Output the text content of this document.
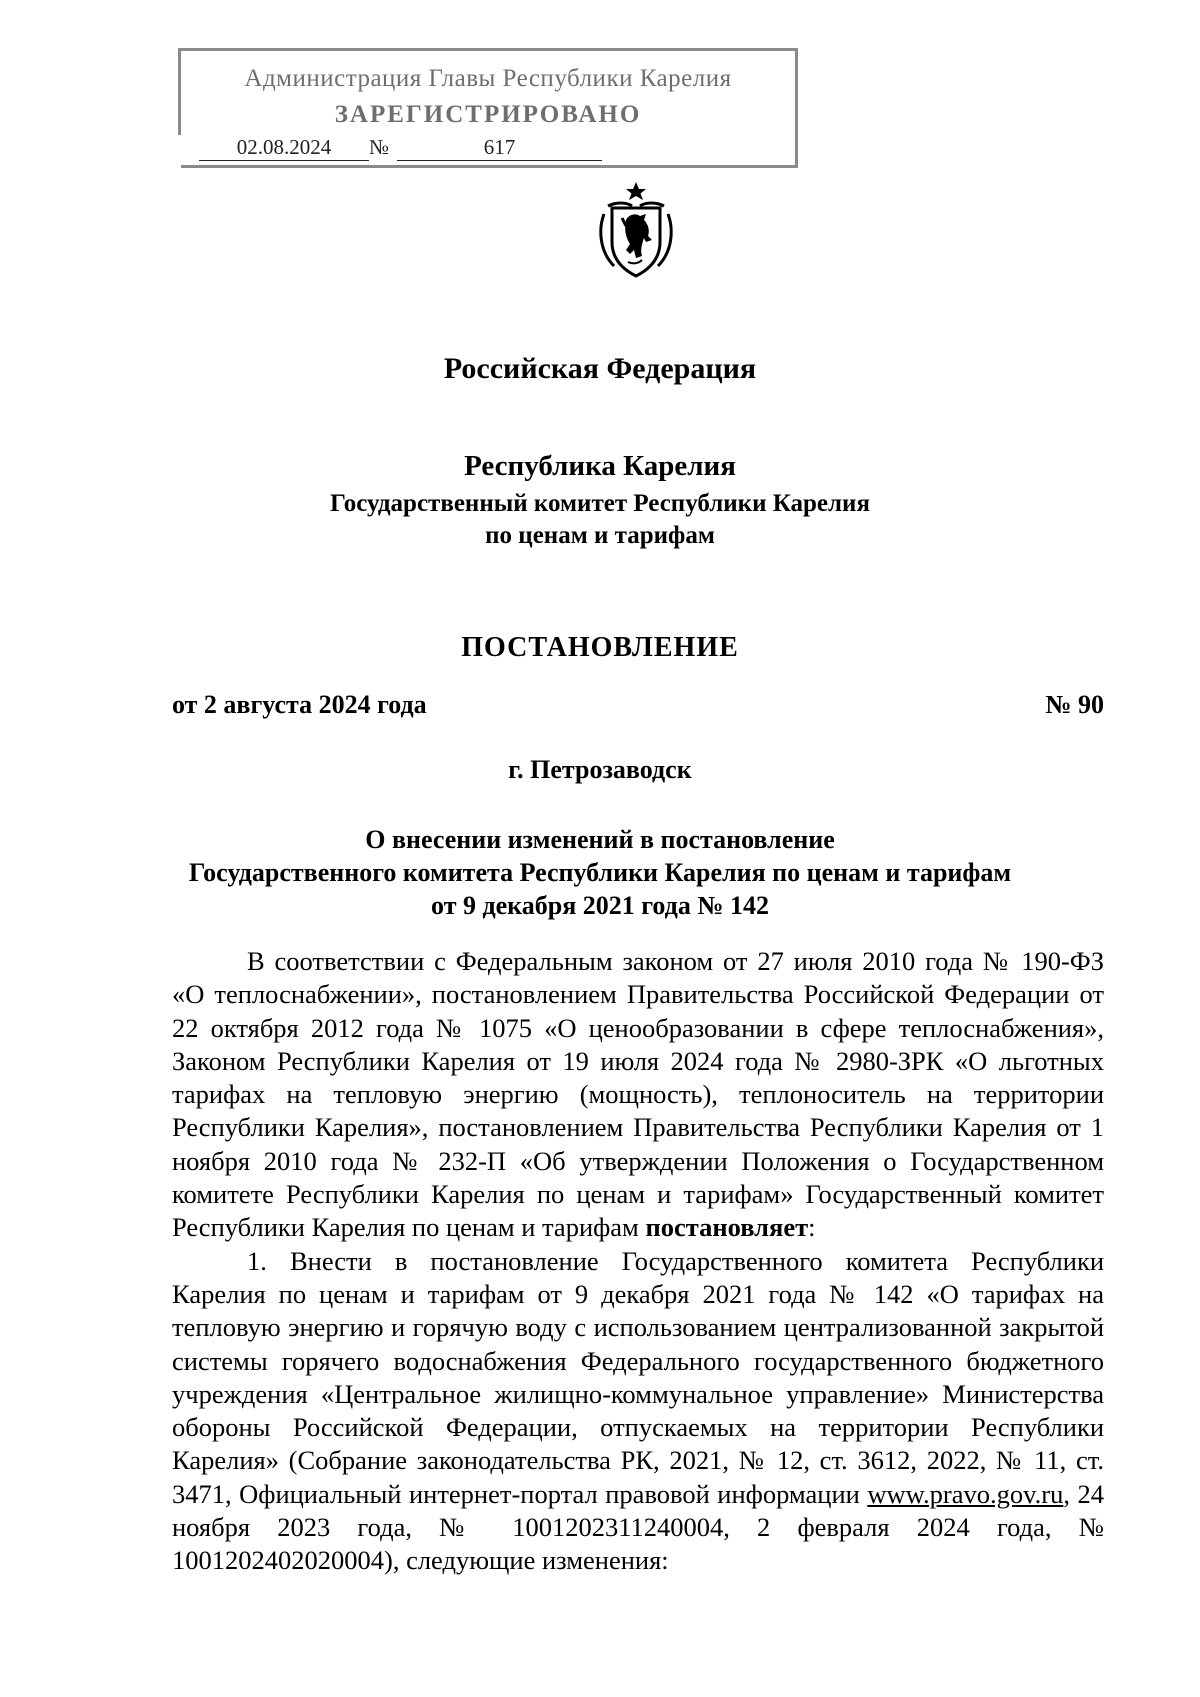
Администрация Главы Республики Карелия
ЗАРЕГИСТРИРОВАНО
02.08.2024	№	617
Российская Федерация
Республика Карелия
Государственный комитет Республики Карелия
по ценам и тарифам
ПОСТАНОВЛЕНИЕ
от 2 августа 2024 года	№ 90
г. Петрозаводск
О внесении изменений в постановление
Государственного комитета Республики Карелия по ценам и тарифам
от 9 декабря 2021 года № 142

В соответствии с Федеральным законом от 27 июля 2010 года № 190-ФЗ «О теплоснабжении», постановлением Правительства Российской Федерации от 22 октября 2012 года № 1075 «О ценообразовании в сфере теплоснабжения», Законом Республики Карелия от 19 июля 2024 года № 2980-ЗРК «О льготных тарифах на тепловую энергию (мощность), теплоноситель на территории Республики Карелия», постановлением Правительства Республики Карелия от 1 ноября 2010 года № 232-П «Об утверждении Положения о Государственном комитете Республики Карелия по ценам и тарифам» Государственный комитет Республики Карелия по ценам и тарифам постановляет:

1. Внести в постановление Государственного комитета Республики Карелия по ценам и тарифам от 9 декабря 2021 года № 142 «О тарифах на тепловую энергию и горячую воду с использованием централизованной закрытой системы горячего водоснабжения Федерального государственного бюджетного учреждения «Центральное жилищно-коммунальное управление» Министерства обороны Российской Федерации, отпускаемых на территории Республики Карелия» (Собрание законодательства РК, 2021, № 12, ст. 3612, 2022, № 11, ст. 3471, Официальный интернет-портал правовой информации www.pravo.gov.ru, 24 ноября 2023 года, № 1001202311240004, 2 февраля 2024 года, № 1001202402020004), следующие изменения:
